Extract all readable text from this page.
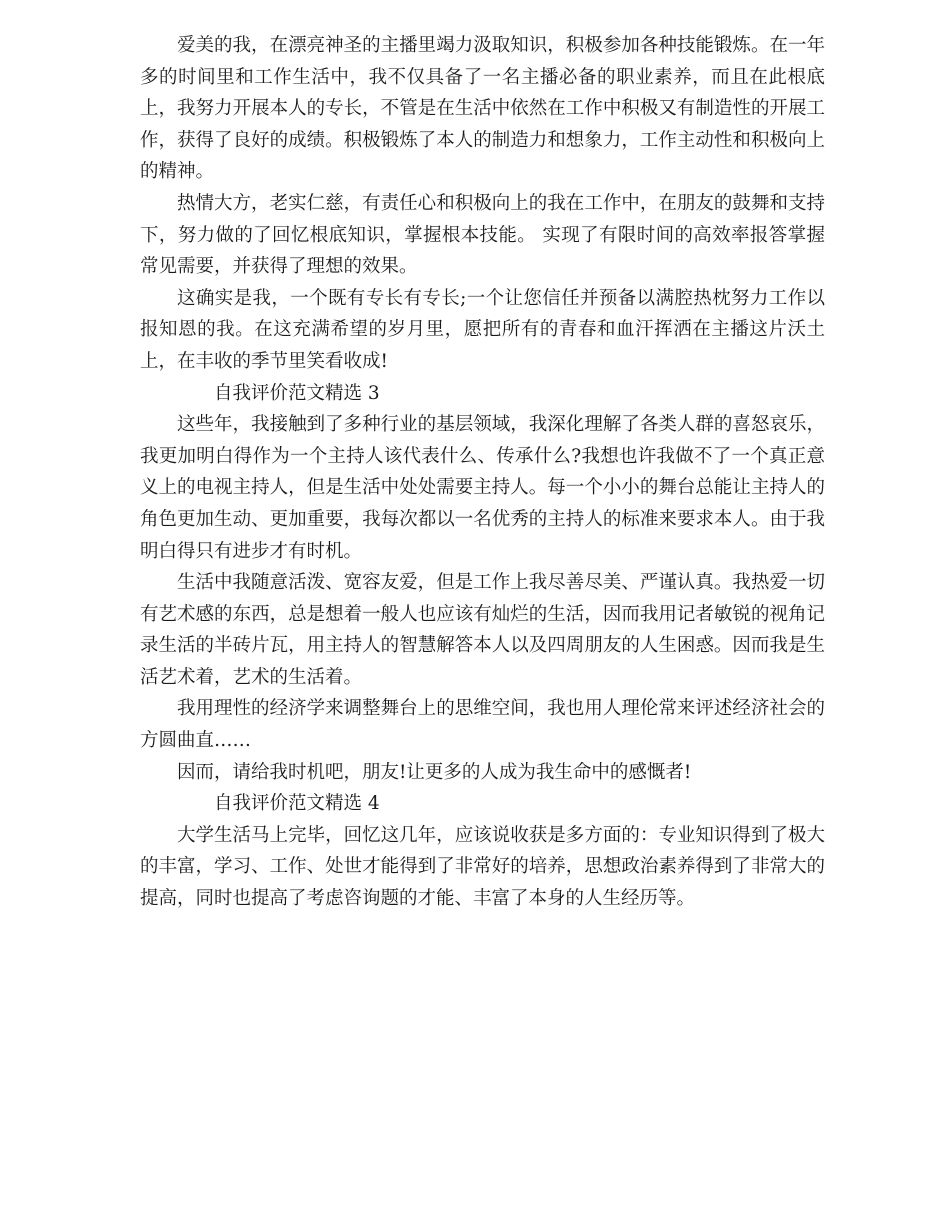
爱美的我，在漂亮神圣的主播里竭力汲取知识，积极参加各种技能锻炼。在一年多的时间里和工作生活中，我不仅具备了一名主播必备的职业素养，而且在此根底上，我努力开展本人的专长，不管是在生活中依然在工作中积极又有制造性的开展工作，获得了良好的成绩。积极锻炼了本人的制造力和想象力，工作主动性和积极向上的精神。

热情大方，老实仁慈，有责任心和积极向上的我在工作中，在朋友的鼓舞和支持下，努力做的了回忆根底知识，掌握根本技能。 实现了有限时间的高效率报答掌握常见需要，并获得了理想的效果。

这确实是我，一个既有专长有专长;一个让您信任并预备以满腔热枕努力工作以报知恩的我。在这充满希望的岁月里，愿把所有的青春和血汗挥洒在主播这片沃土上，在丰收的季节里笑看收成!

自我评价范文精选 3

这些年，我接触到了多种行业的基层领域，我深化理解了各类人群的喜怒哀乐，我更加明白得作为一个主持人该代表什么、传承什么?我想也许我做不了一个真正意义上的电视主持人，但是生活中处处需要主持人。每一个小小的舞台总能让主持人的角色更加生动、更加重要，我每次都以一名优秀的主持人的标准来要求本人。由于我明白得只有进步才有时机。

生活中我随意活泼、宽容友爱，但是工作上我尽善尽美、严谨认真。我热爱一切有艺术感的东西，总是想着一般人也应该有灿烂的生活，因而我用记者敏锐的视角记录生活的半砖片瓦，用主持人的智慧解答本人以及四周朋友的人生困惑。因而我是生活艺术着，艺术的生活着。

我用理性的经济学来调整舞台上的思维空间，我也用人理伦常来评述经济社会的方圆曲直……

因而，请给我时机吧，朋友!让更多的人成为我生命中的感慨者!

自我评价范文精选 4

大学生活马上完毕，回忆这几年，应该说收获是多方面的：专业知识得到了极大的丰富，学习、工作、处世才能得到了非常好的培养，思想政治素养得到了非常大的提高，同时也提高了考虑咨询题的才能、丰富了本身的人生经历等。
